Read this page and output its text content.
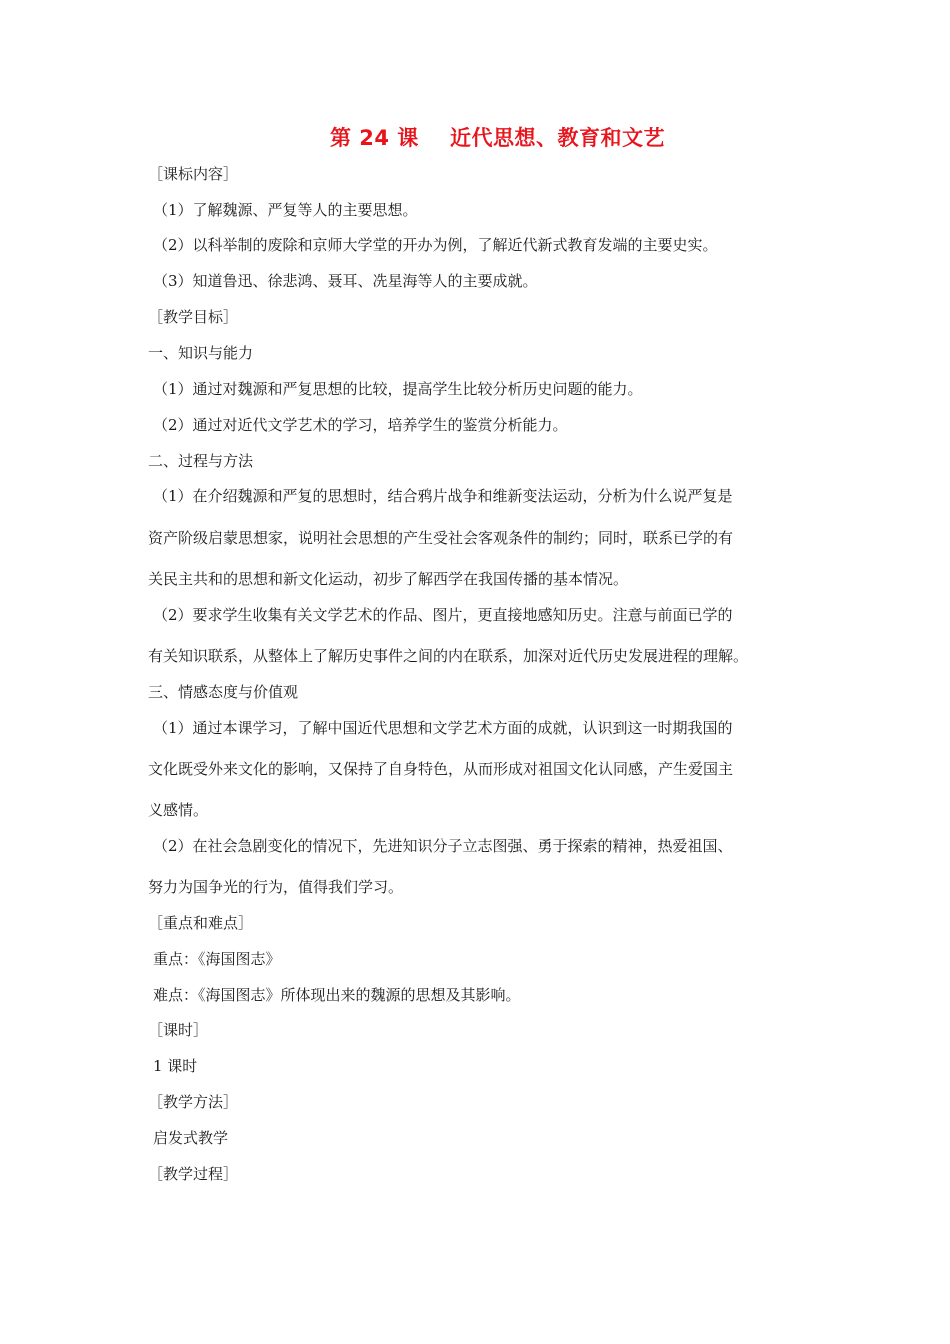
第 24 课    近代思想、教育和文艺
［课标内容］
（1）了解魏源、严复等人的主要思想。
（2）以科举制的废除和京师大学堂的开办为例，了解近代新式教育发端的主要史实。
（3）知道鲁迅、徐悲鸿、聂耳、冼星海等人的主要成就。
［教学目标］
一、知识与能力
（1）通过对魏源和严复思想的比较，提高学生比较分析历史问题的能力。
（2）通过对近代文学艺术的学习，培养学生的鉴赏分析能力。
二、过程与方法
（1）在介绍魏源和严复的思想时，结合鸦片战争和维新变法运动，分析为什么说严复是
资产阶级启蒙思想家，说明社会思想的产生受社会客观条件的制约；同时，联系已学的有
关民主共和的思想和新文化运动，初步了解西学在我国传播的基本情况。
（2）要求学生收集有关文学艺术的作品、图片，更直接地感知历史。注意与前面已学的
有关知识联系，从整体上了解历史事件之间的内在联系，加深对近代历史发展进程的理解。
三、情感态度与价值观
（1）通过本课学习，了解中国近代思想和文学艺术方面的成就，认识到这一时期我国的
文化既受外来文化的影响，又保持了自身特色，从而形成对祖国文化认同感，产生爱国主
义感情。
（2）在社会急剧变化的情况下，先进知识分子立志图强、勇于探索的精神，热爱祖国、
努力为国争光的行为，值得我们学习。
［重点和难点］
重点：《海国图志》
难点：《海国图志》所体现出来的魏源的思想及其影响。
［课时］
1 课时
［教学方法］
启发式教学
［教学过程］
